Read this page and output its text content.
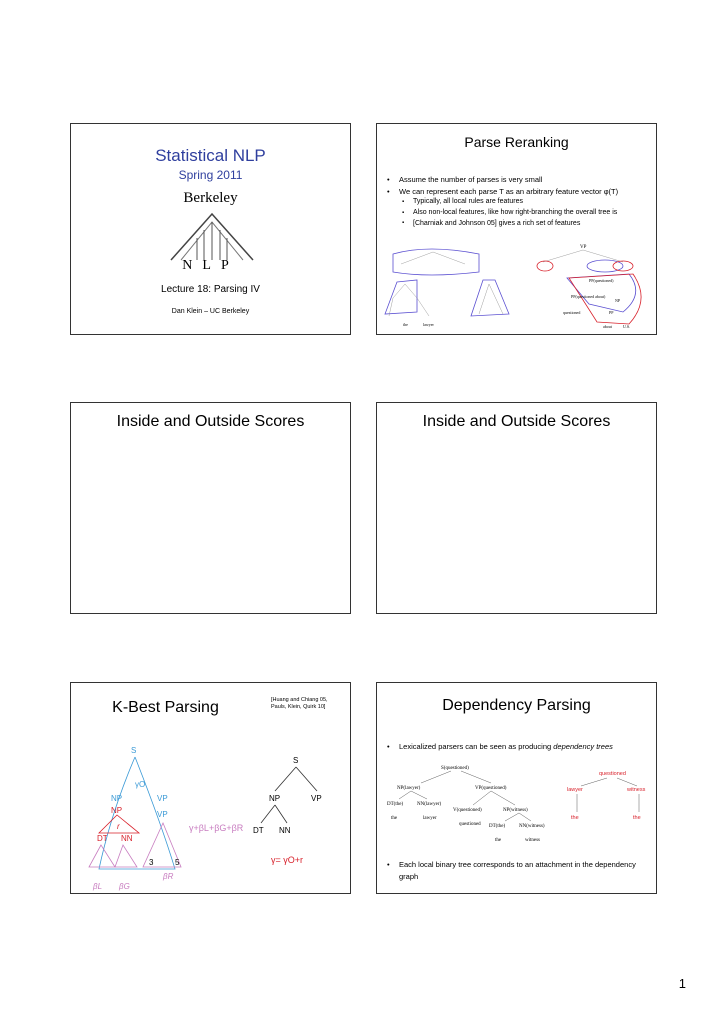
Statistical NLP
Spring 2011
Berkeley
NLP
Lecture 18: Parsing IV
Dan Klein – UC Berkeley
Parse Reranking
• Assume the number of parses is very small
• We can represent each parse T as an arbitrary feature vector φ(T)
▪ Typically, all local rules are features
▪ Also non-local features, like how right-branching the overall tree is
▪ [Charniak and Johnson 05] gives a rich set of features
VP
PP(questioned)
PP(questioned about)
NP
PP
the	lawyer
questioned
about	U.S.
Inside and Outside Scores	Inside and Outside Scores
K-Best Parsing	[Huang and Chiang 05,
Pauls, Klein, Quirk 10]
S
γO
NP	VP
NP	VP
r
DT NN
3	5
βR
βL βG
γ+βL+βG+βR
S
NP	VP
DT NN
γ= γO+r
Dependency Parsing
• Lexicalized parsers can be seen as producing dependency trees
S(questioned)
NP(lawyer)	VP(questioned)
DT(the)	NN(lawyer)
the	lawyer
V(questioned)	NP(witness)
questioned DT(the)	NN(witness)
the	witness
questioned
lawyer	witness
the	the
• Each local binary tree corresponds to an attachment in the dependency graph
1
